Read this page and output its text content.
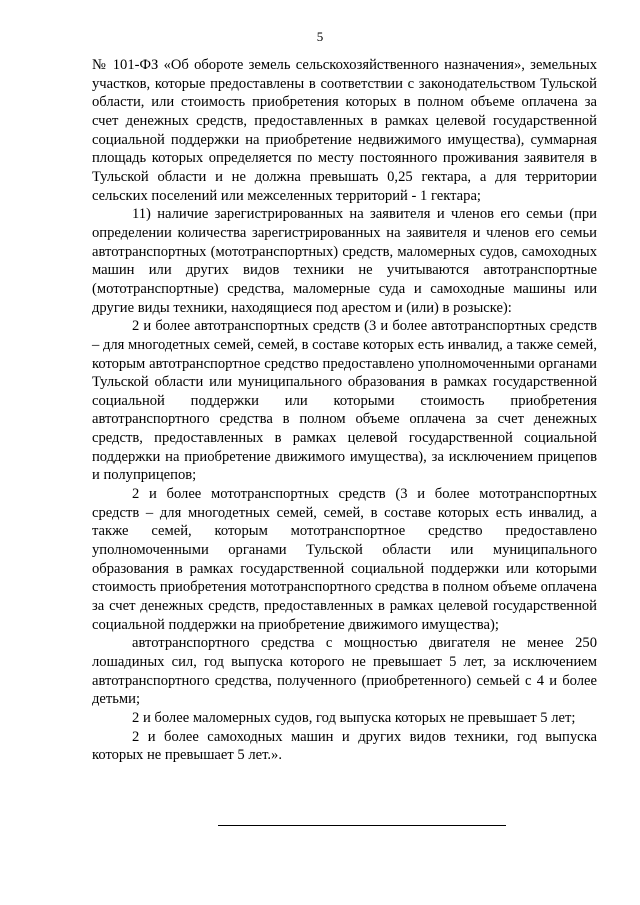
5

№ 101-ФЗ «Об обороте земель сельскохозяйственного назначения», земельных участков, которые предоставлены в соответствии с законодательством Тульской области, или стоимость приобретения которых в полном объеме оплачена за счет денежных средств, предоставленных в рамках целевой государственной социальной поддержки на приобретение недвижимого имущества), суммарная площадь которых определяется по месту постоянного проживания заявителя в Тульской области и не должна превышать 0,25 гектара, а для территории сельских поселений или межселенных территорий - 1 гектара;

11) наличие зарегистрированных на заявителя и членов его семьи (при определении количества зарегистрированных на заявителя и членов его семьи автотранспортных (мототранспортных) средств, маломерных судов, самоходных машин или других видов техники не учитываются автотранспортные (мототранспортные) средства, маломерные суда и самоходные машины или другие виды техники, находящиеся под арестом и (или) в розыске):

2 и более автотранспортных средств (3 и более автотранспортных средств – для многодетных семей, семей, в составе которых есть инвалид, а также семей, которым автотранспортное средство предоставлено уполномоченными органами Тульской области или муниципального образования в рамках государственной социальной поддержки или которыми стоимость приобретения автотранспортного средства в полном объеме оплачена за счет денежных средств, предоставленных в рамках целевой государственной социальной поддержки на приобретение движимого имущества), за исключением прицепов и полуприцепов;

2 и более мототранспортных средств (3 и более мототранспортных средств – для многодетных семей, семей, в составе которых есть инвалид, а также семей, которым мототранспортное средство предоставлено уполномоченными органами Тульской области или муниципального образования в рамках государственной социальной поддержки или которыми стоимость приобретения мототранспортного средства в полном объеме оплачена за счет денежных средств, предоставленных в рамках целевой государственной социальной поддержки на приобретение движимого имущества);

автотранспортного средства с мощностью двигателя не менее 250 лошадиных сил, год выпуска которого не превышает 5 лет, за исключением автотранспортного средства, полученного (приобретенного) семьей с 4 и более детьми;

2 и более маломерных судов, год выпуска которых не превышает 5 лет;

2 и более самоходных машин и других видов техники, год выпуска которых не превышает 5 лет.».
